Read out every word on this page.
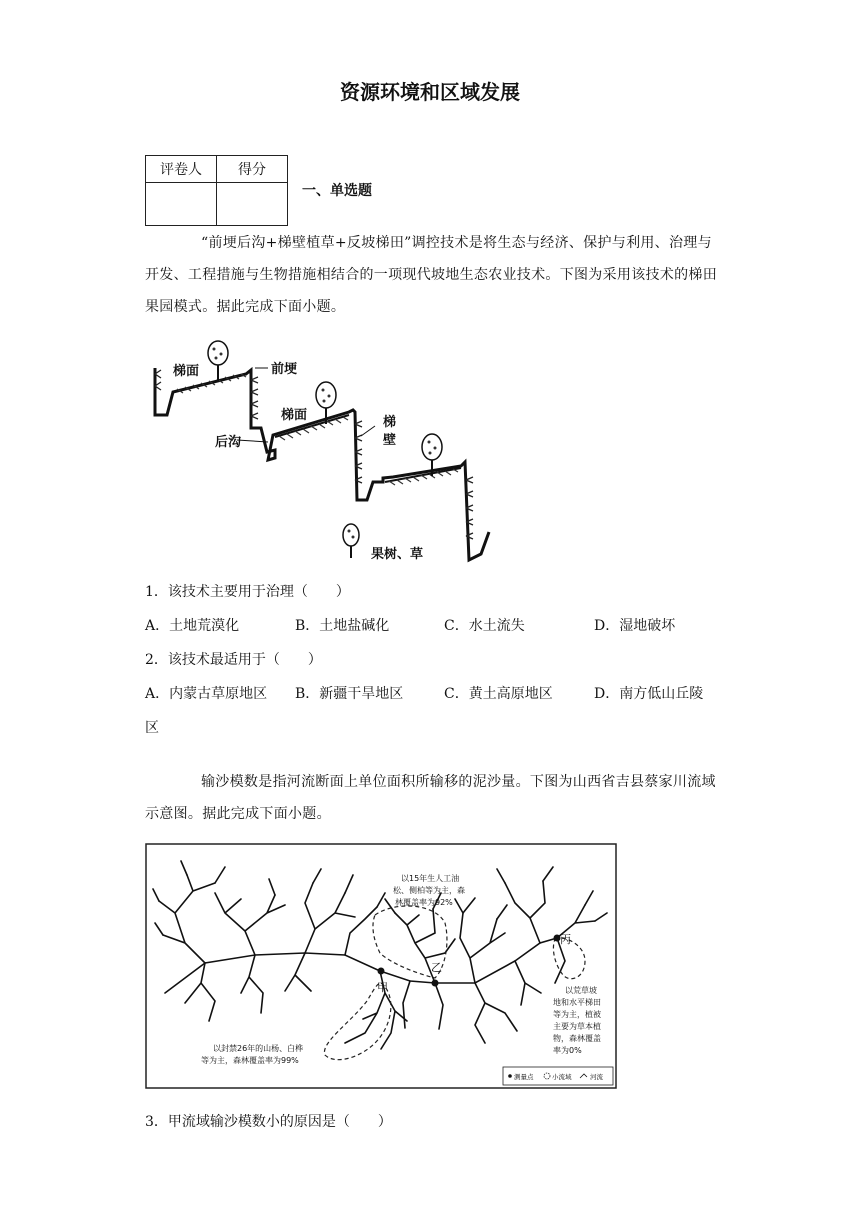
资源环境和区域发展
评卷人	得分

一、单选题

“前埂后沟+梯壁植草+反坡梯田”调控技术是将生态与经济、保护与利用、治理与开发、工程措施与生物措施相结合的一项现代坡地生态农业技术。下图为采用该技术的梯田果园模式。据此完成下面小题。

梯面	前埂
梯面	梯
壁
后沟
果树、草
1．该技术主要用于治理（　　）
A．土地荒漠化	B．土地盐碱化	C．水土流失	D．湿地破坏
2．该技术最适用于（　　）
A．内蒙古草原地区 B．新疆干旱地区	C．黄土高原地区	D．南方低山丘陵
区

输沙模数是指河流断面上单位面积所输移的泥沙量。下图为山西省吉县蔡家川流域示意图。据此完成下面小题。

甲
乙
丙
以15年生人工油
松、侧柏等为主，森
林覆盖率为92%
以荒草坡
地和水平梯田
等为主，植被
主要为草本植
物，森林覆盖
率为0%
以封禁26年的山杨、白桦
等为主，森林覆盖率为99%
测量点	小流域	河流
3．甲流域输沙模数小的原因是（　　）
